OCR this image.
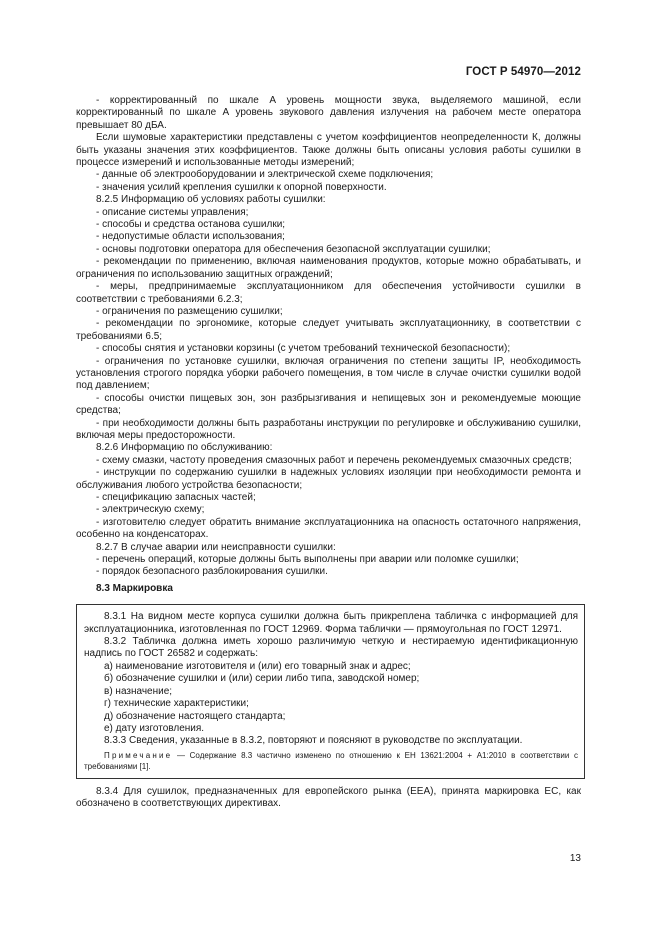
ГОСТ Р 54970—2012

- корректированный по шкале А уровень мощности звука, выделяемого машиной, если корректированный по шкале А уровень звукового давления излучения на рабочем месте оператора превышает 80 дБА.

Если шумовые характеристики представлены с учетом коэффициентов неопределенности К, должны быть указаны значения этих коэффициентов. Также должны быть описаны условия работы сушилки в процессе измерений и использованные методы измерений;

- данные об электрооборудовании и электрической схеме подключения;

- значения усилий крепления сушилки к опорной поверхности.

8.2.5 Информацию об условиях работы сушилки:

- описание системы управления;

- способы и средства останова сушилки;

- недопустимые области использования;

- основы подготовки оператора для обеспечения безопасной эксплуатации сушилки;

- рекомендации по применению, включая наименования продуктов, которые можно обрабатывать, и ограничения по использованию защитных ограждений;

- меры, предпринимаемые эксплуатационником для обеспечения устойчивости сушилки в соответствии с требованиями 6.2.3;

- ограничения по размещению сушилки;

- рекомендации по эргономике, которые следует учитывать эксплуатационнику, в соответствии с требованиями 6.5;

- способы снятия и установки корзины (с учетом требований технической безопасности);

- ограничения по установке сушилки, включая ограничения по степени защиты IP, необходимость установления строгого порядка уборки рабочего помещения, в том числе в случае очистки сушилки водой под давлением;

- способы очистки пищевых зон, зон разбрызгивания и непищевых зон и рекомендуемые моющие средства;

- при необходимости должны быть разработаны инструкции по регулировке и обслуживанию сушилки, включая меры предосторожности.

8.2.6 Информацию по обслуживанию:

- схему смазки, частоту проведения смазочных работ и перечень рекомендуемых смазочных средств;

- инструкции по содержанию сушилки в надежных условиях изоляции при необходимости ремонта и обслуживания любого устройства безопасности;

- спецификацию запасных частей;

- электрическую схему;

- изготовителю следует обратить внимание эксплуатационника на опасность остаточного напряжения, особенно на конденсаторах.

8.2.7 В случае аварии или неисправности сушилки:

- перечень операций, которые должны быть выполнены при аварии или поломке сушилки;

- порядок безопасного разблокирования сушилки.

8.3 Маркировка

8.3.1 На видном месте корпуса сушилки должна быть прикреплена табличка с информацией для эксплуатационника, изготовленная по ГОСТ 12969. Форма таблички — прямоугольная по ГОСТ 12971.

8.3.2 Табличка должна иметь хорошо различимую четкую и нестираемую идентификационную надпись по ГОСТ 26582 и содержать:

а) наименование изготовителя и (или) его товарный знак и адрес;

б) обозначение сушилки и (или) серии либо типа, заводской номер;

в) назначение;

г) технические характеристики;

д) обозначение настоящего стандарта;

е) дату изготовления.

8.3.3 Сведения, указанные в 8.3.2, повторяют и поясняют в руководстве по эксплуатации.

Примечание — Содержание 8.3 частично изменено по отношению к ЕН 13621:2004 + А1:2010 в соответствии с требованиями [1].

8.3.4 Для сушилок, предназначенных для европейского рынка (ЕЕА), принята маркировка ЕС, как обозначено в соответствующих директивах.

13
